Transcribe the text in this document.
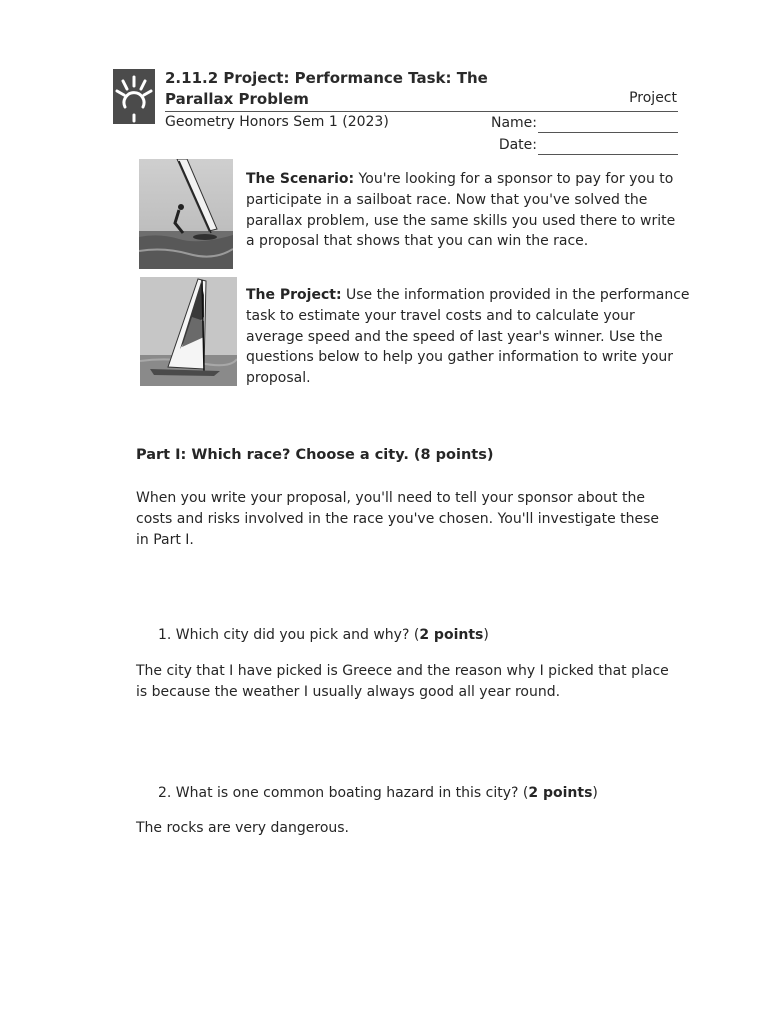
2.11.2 Project: Performance Task: The Parallax Problem	Project
Geometry Honors Sem 1 (2023)	Name:
Date:
The Scenario: You're looking for a sponsor to pay for you to participate in a sailboat race. Now that you've solved the parallax problem, use the same skills you used there to write a proposal that shows that you can win the race.
The Project: Use the information provided in the performance task to estimate your travel costs and to calculate your average speed and the speed of last year's winner. Use the questions below to help you gather information to write your proposal.
Part I: Which race? Choose a city. (8 points)
When you write your proposal, you'll need to tell your sponsor about the costs and risks involved in the race you've chosen. You'll investigate these in Part I.
1. Which city did you pick and why? (2 points)
The city that I have picked is Greece and the reason why I picked that place is because the weather I usually always good all year round.
2. What is one common boating hazard in this city? (2 points)
The rocks are very dangerous.
